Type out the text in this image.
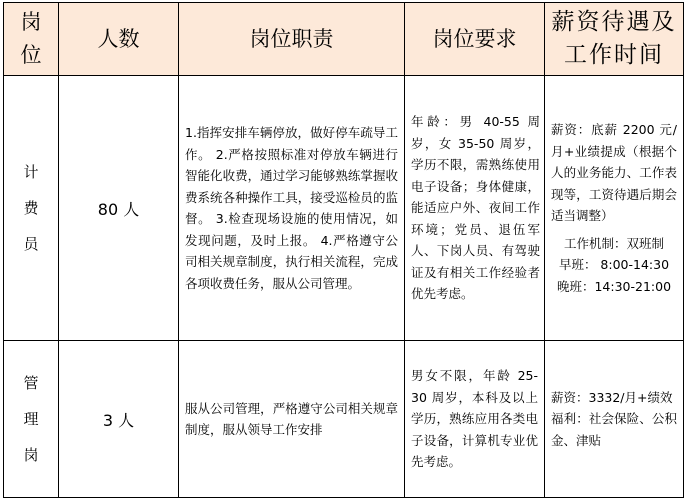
岗位	人数	岗位职责	岗位要求	薪资待遇及工作时间
计费员	80 人	1.指挥安排车辆停放，做好停车疏导工作。 2.严格按照标准对停放车辆进行智能化收费，通过学习能够熟练掌握收费系统各种操作工具，接受巡检员的监督。 3.检查现场设施的使用情况，如发现问题，及时上报。 4.严格遵守公司相关规章制度，执行相关流程，完成各项收费任务，服从公司管理。	年龄：男 40-55 周岁，女 35-50 周岁，学历不限，需熟练使用电子设备；身体健康，能适应户外、夜间工作环境；党员、退伍军人、下岗人员、有驾驶证及有相关工作经验者优先考虑。	薪资：底薪 2200 元/月+业绩提成（根据个人的业务能力、工作表现等，工资待遇后期会适当调整）
工作机制：双班制
早班： 8:00-14:30
晚班：14:30-21:00

管理岗	3 人	服从公司管理，严格遵守公司相关规章制度，服从领导工作安排	男女不限，年龄 25-30 周岁，本科及以上学历，熟练应用各类电子设备，计算机专业优先考虑。	薪资：3332/月+绩效
福利：社会保险、公积金、津贴
